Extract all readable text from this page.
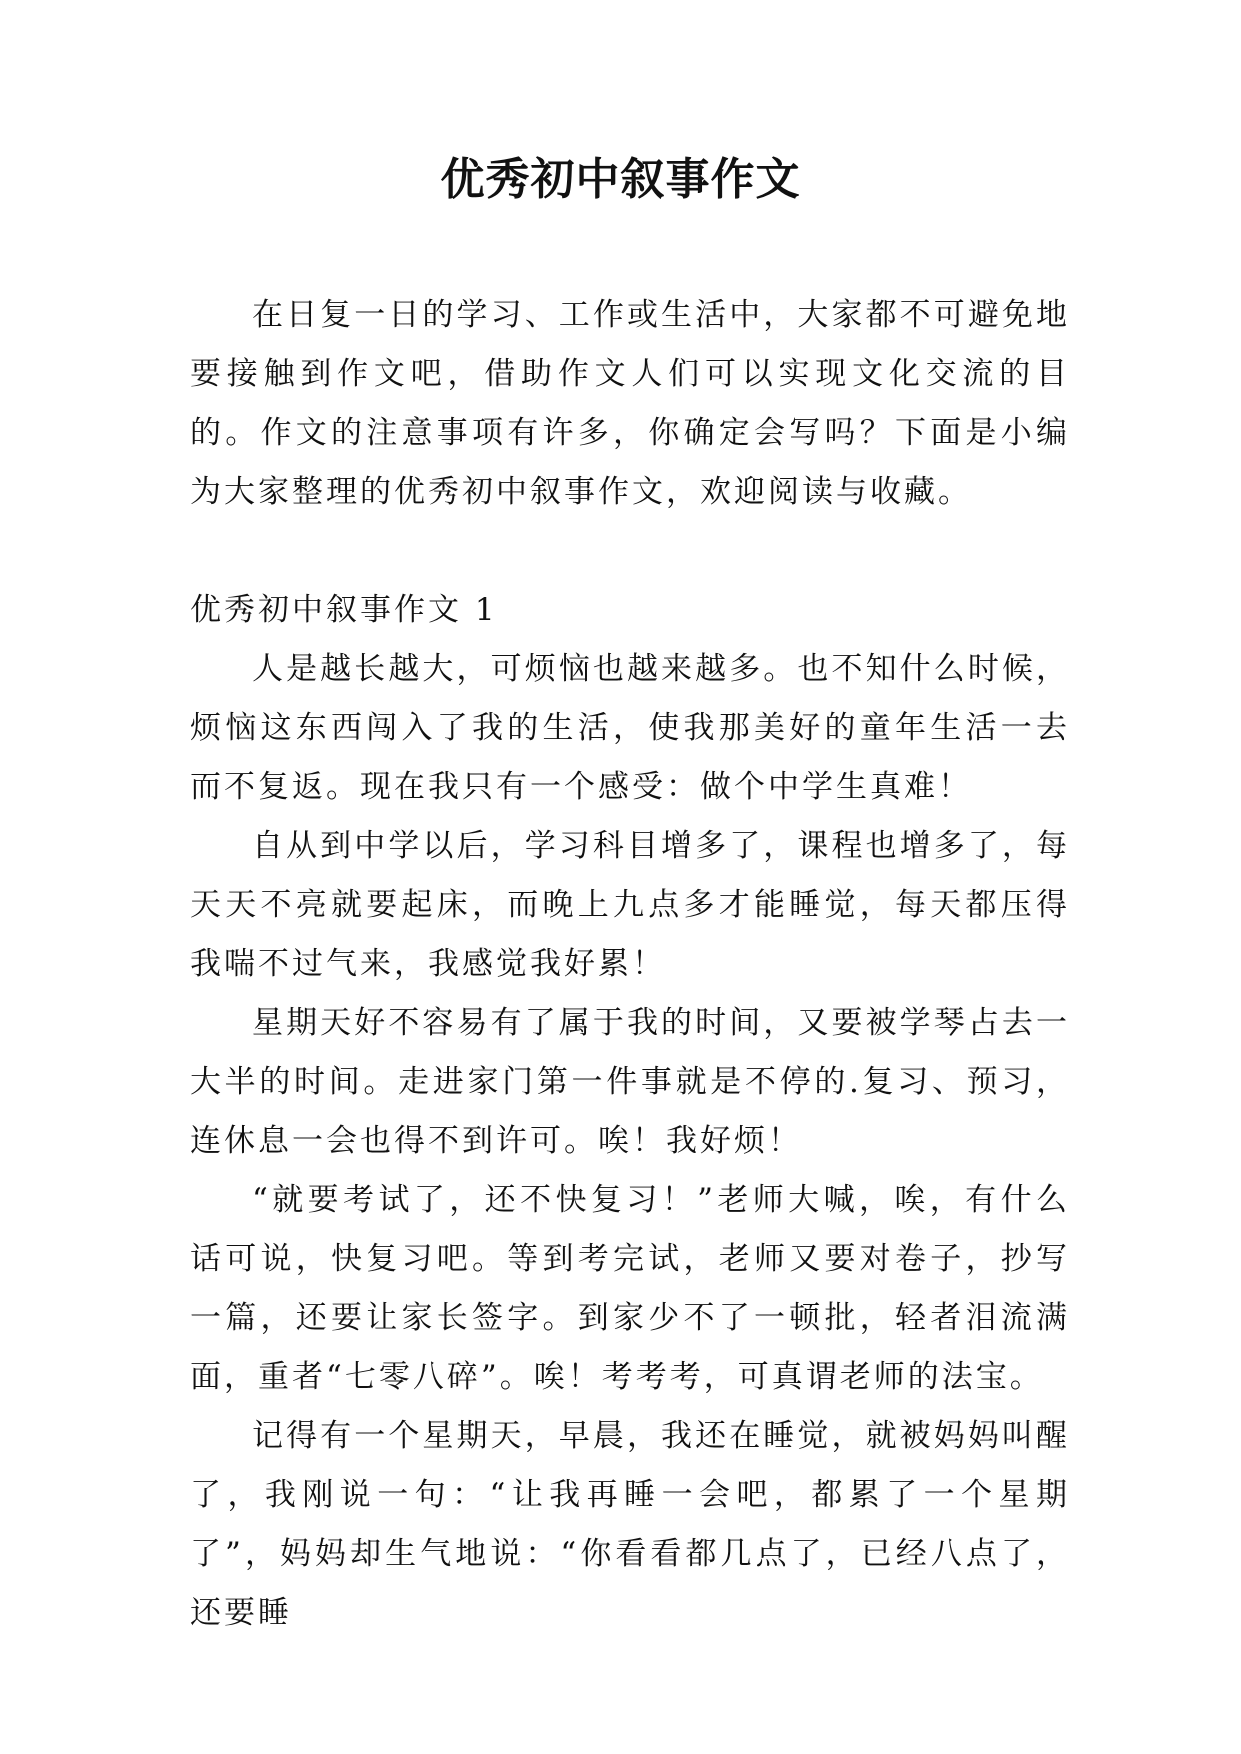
优秀初中叙事作文

在日复一日的学习、工作或生活中，大家都不可避免地要接触到作文吧，借助作文人们可以实现文化交流的目的。作文的注意事项有许多，你确定会写吗？下面是小编为大家整理的优秀初中叙事作文，欢迎阅读与收藏。

优秀初中叙事作文 1

人是越长越大，可烦恼也越来越多。也不知什么时候，烦恼这东西闯入了我的生活，使我那美好的童年生活一去而不复返。现在我只有一个感受：做个中学生真难！

自从到中学以后，学习科目增多了，课程也增多了，每天天不亮就要起床，而晚上九点多才能睡觉，每天都压得我喘不过气来，我感觉我好累！

星期天好不容易有了属于我的时间，又要被学琴占去一大半的时间。走进家门第一件事就是不停的.复习、预习，连休息一会也得不到许可。唉！我好烦！

“就要考试了，还不快复习！”老师大喊，唉，有什么话可说，快复习吧。等到考完试，老师又要对卷子，抄写一篇，还要让家长签字。到家少不了一顿批，轻者泪流满面，重者“七零八碎”。唉！考考考，可真谓老师的法宝。

记得有一个星期天，早晨，我还在睡觉，就被妈妈叫醒了，我刚说一句：“让我再睡一会吧，都累了一个星期了”，妈妈却生气地说：“你看看都几点了，已经八点了，还要睡
